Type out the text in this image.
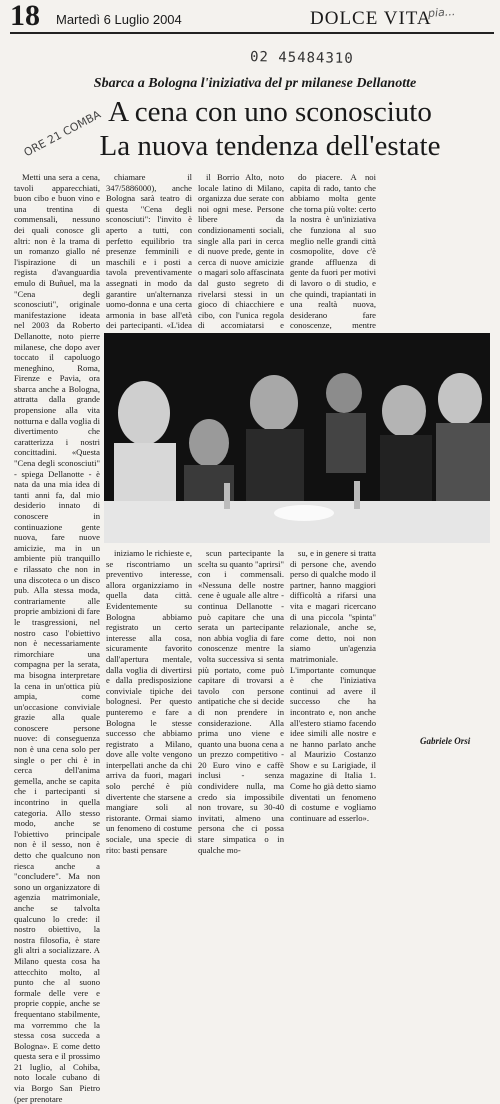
18 Martedì 6 Luglio 2004	DOLCE VITA
pia...
02 45484310
ORE 21 COMBA
Sbarca a Bologna l'iniziativa del pr milanese Dellanotte
A cena con uno sconosciuto
La nuova tendenza dell'estate

Metti una sera a cena, tavoli apparecchiati, buon cibo e buon vino e una trentina di commensali, nessuno dei quali conosce gli altri: non è la trama di un romanzo giallo né l'ispirazione di un regista d'avanguardia emulo di Buñuel, ma la "Cena degli sconosciuti", originale manifestazione ideata nel 2003 da Roberto Dellanotte, noto pierre milanese, che dopo aver toccato il capoluogo meneghino, Roma, Firenze e Pavia, ora sbarca anche a Bologna, attratta dalla grande propensione alla vita notturna e dalla voglia di divertimento che caratterizza i nostri concittadini. «Questa "Cena degli sconosciuti" - spiega Dellanotte - è nata da una mia idea di tanti anni fa, dal mio desiderio innato di conoscere in continuazione gente nuova, fare nuove amicizie, ma in un ambiente più tranquillo e rilassato che non in una discoteca o un disco pub. Alla stessa moda, contrariamente alle proprie ambizioni di fare le trasgressioni, nel nostro caso l'obiettivo non è necessariamente rimorchiare una compagna per la serata, ma bisogna interpretare la cena in un'ottica più ampia, come un'occasione conviviale grazie alla quale conoscere persone nuove: di conseguenza non è una cena solo per single o per chi è in cerca dell'anima gemella, anche se capita che i partecipanti si incontrino in quella categoria. Allo stesso modo, anche se l'obiettivo principale non è il sesso, non è detto che qualcuno non riesca anche a "concludere". Ma non sono un organizzatore di agenzia matrimoniale, anche se talvolta qualcuno lo crede: il nostro obiettivo, la nostra filosofia, è stare gli altri a socializzare. A Milano questa cosa ha attecchito molto, al punto che al suono formale delle vere e proprie coppie, anche se frequentano stabilmente, ma vorremmo che la stessa cosa succeda a Bologna». E come detto questa sera e il prossimo 21 luglio, al Cohiba, noto locale cubano di via Borgo San Pietro (per prenotare

chiamare il 347/5886000), anche Bologna sarà teatro di questa "Cena degli sconosciuti": l'invito è aperto a tutti, con perfetto equilibrio tra presenze femminili e maschili e i posti a tavola preventivamente assegnati in modo da garantire un'alternanza uomo-donna e una certa armonia in base all'età dei partecipanti. «L'idea

il Borrio Alto, noto locale latino di Milano, organizza due serate con noi ogni mese. Persone libere da condizionamenti sociali, single alla pari in cerca di nuove prede, gente in cerca di nuove amicizie o magari solo affascinata dal gusto segreto di rivelarsi stessi in un gioco di chiacchiere e cibo, con l'unica regola di accomiatarsi e

do piacere. A noi capita di rado, tanto che abbiamo molta gente che torna più volte: certo la nostra è un'iniziativa che funziona al suo meglio nelle grandi città cosmopolite, dove c'è grande affluenza di gente da fuori per motivi di lavoro o di studio, e che quindi, trapiantati in una realtà nuova, desiderano fare conoscenze, mentre

iniziamo le richieste e, se riscontriamo un preventivo interesse, allora organizziamo in quella data città. Evidentemente su Bologna abbiamo registrato un certo interesse alla cosa, sicuramente favorito dall'apertura mentale, dalla voglia di divertirsi e dalla predisposizione conviviale tipiche dei bolognesi. Per questo punteremo e fare a Bologna le stesse successo che abbiamo registrato a Milano, dove alle volte vengono interpellati anche da chi arriva da fuori, magari solo perché è più divertente che starsene a mangiare soli al ristorante. Ormai siamo un fenomeno di costume sociale, una specie di rito: basti pensare

scun partecipante la scelta su quanto "aprirsi" con i commensali. «Nessuna delle nostre cene è uguale alle altre - continua Dellanotte - può capitare che una serata un partecipante non abbia voglia di fare conoscenze mentre la volta successiva si senta più portato, come può capitare di trovarsi a tavolo con persone antipatiche che si decide di non prendere in considerazione. Alla prima uno viene e quanto una buona cena a un prezzo competitivo - 20 Euro vino e caffè inclusi - senza condividere nulla, ma credo sia impossibile non trovare, su 30-40 invitati, almeno una persona che ci possa stare simpatica o in qualche mo-

su, e in genere si tratta di persone che, avendo perso di qualche modo il partner, hanno maggiori difficoltà a rifarsi una vita e magari ricercano di una piccola "spinta" relazionale, anche se, come detto, noi non siamo un'agenzia matrimoniale. L'importante comunque è che l'iniziativa continui ad avere il successo che ha incontrato e, non anche all'estero stiamo facendo idee simili alle nostre e ne hanno parlato anche al Maurizio Costanzo Show e su Larigiade, il magazine di Italia 1. Come ho già detto siamo diventati un fenomeno di costume e vogliamo continuare ad esserlo».

Gabriele Orsi
